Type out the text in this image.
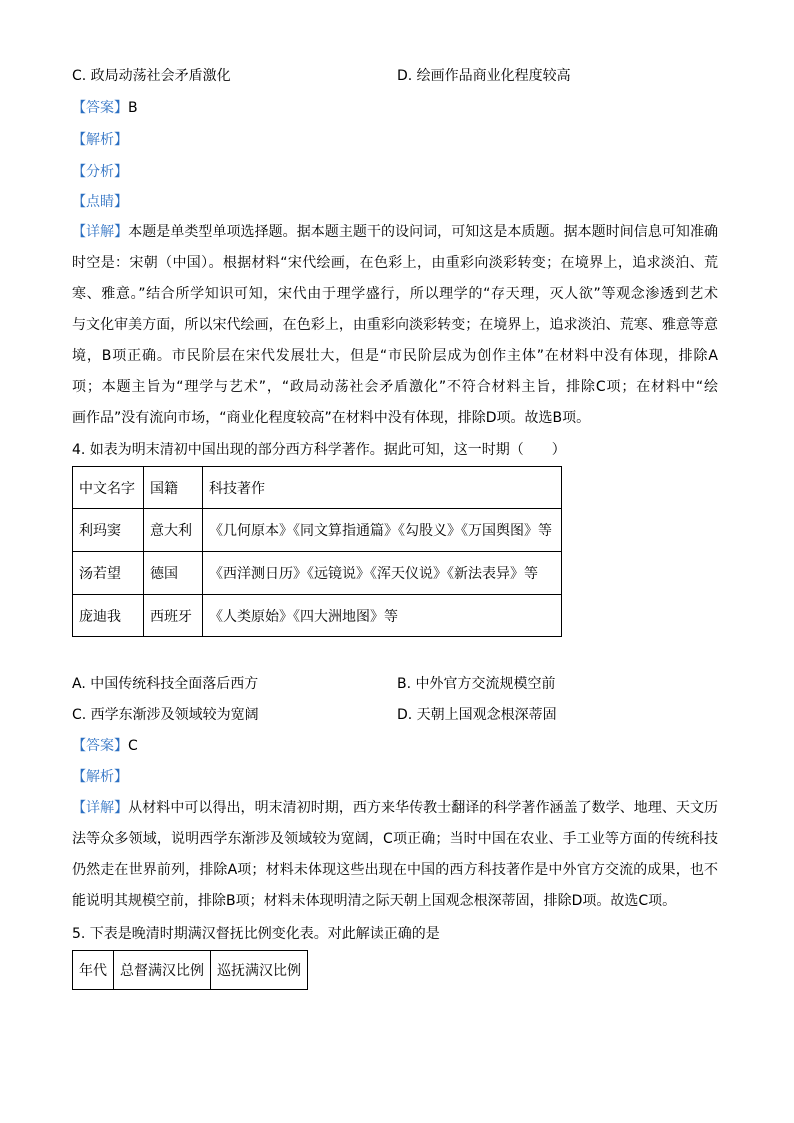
C. 政局动荡社会矛盾激化	D. 绘画作品商业化程度较高
【答案】B
【解析】
【分析】
【点睛】
【详解】本题是单类型单项选择题。据本题主题干的设问词，可知这是本质题。据本题时间信息可知准确
时空是：宋朝（中国）。根据材料“宋代绘画，在色彩上，由重彩向淡彩转变；在境界上，追求淡泊、荒
寒、雅意。”结合所学知识可知，宋代由于理学盛行，所以理学的“存天理，灭人欲”等观念渗透到艺术
与文化审美方面，所以宋代绘画，在色彩上，由重彩向淡彩转变；在境界上，追求淡泊、荒寒、雅意等意
境，B项正确。市民阶层在宋代发展壮大，但是“市民阶层成为创作主体”在材料中没有体现，排除A
项；本题主旨为“理学与艺术”，“政局动荡社会矛盾激化”不符合材料主旨，排除C项；在材料中“绘
画作品”没有流向市场，“商业化程度较高”在材料中没有体现，排除D项。故选B项。
4. 如表为明末清初中国出现的部分西方科学著作。据此可知，这一时期（　　）
中文名字	国籍	科技著作
利玛窦	意大利	《几何原本》《同文算指通篇》《勾股义》《万国舆图》等
汤若望	德国	《西洋测日历》《远镜说》《浑天仪说》《新法表异》等
庞迪我	西班牙	《人类原始》《四大洲地图》等
A. 中国传统科技全面落后西方	B. 中外官方交流规模空前
C. 西学东渐涉及领域较为宽阔	D. 天朝上国观念根深蒂固
【答案】C
【解析】
【详解】从材料中可以得出，明末清初时期，西方来华传教士翻译的科学著作涵盖了数学、地理、天文历
法等众多领域，说明西学东渐涉及领域较为宽阔，C项正确；当时中国在农业、手工业等方面的传统科技
仍然走在世界前列，排除A项；材料未体现这些出现在中国的西方科技著作是中外官方交流的成果，也不
能说明其规模空前，排除B项；材料未体现明清之际天朝上国观念根深蒂固，排除D项。故选C项。
5. 下表是晚清时期满汉督抚比例变化表。对此解读正确的是
年代	总督满汉比例	巡抚满汉比例
